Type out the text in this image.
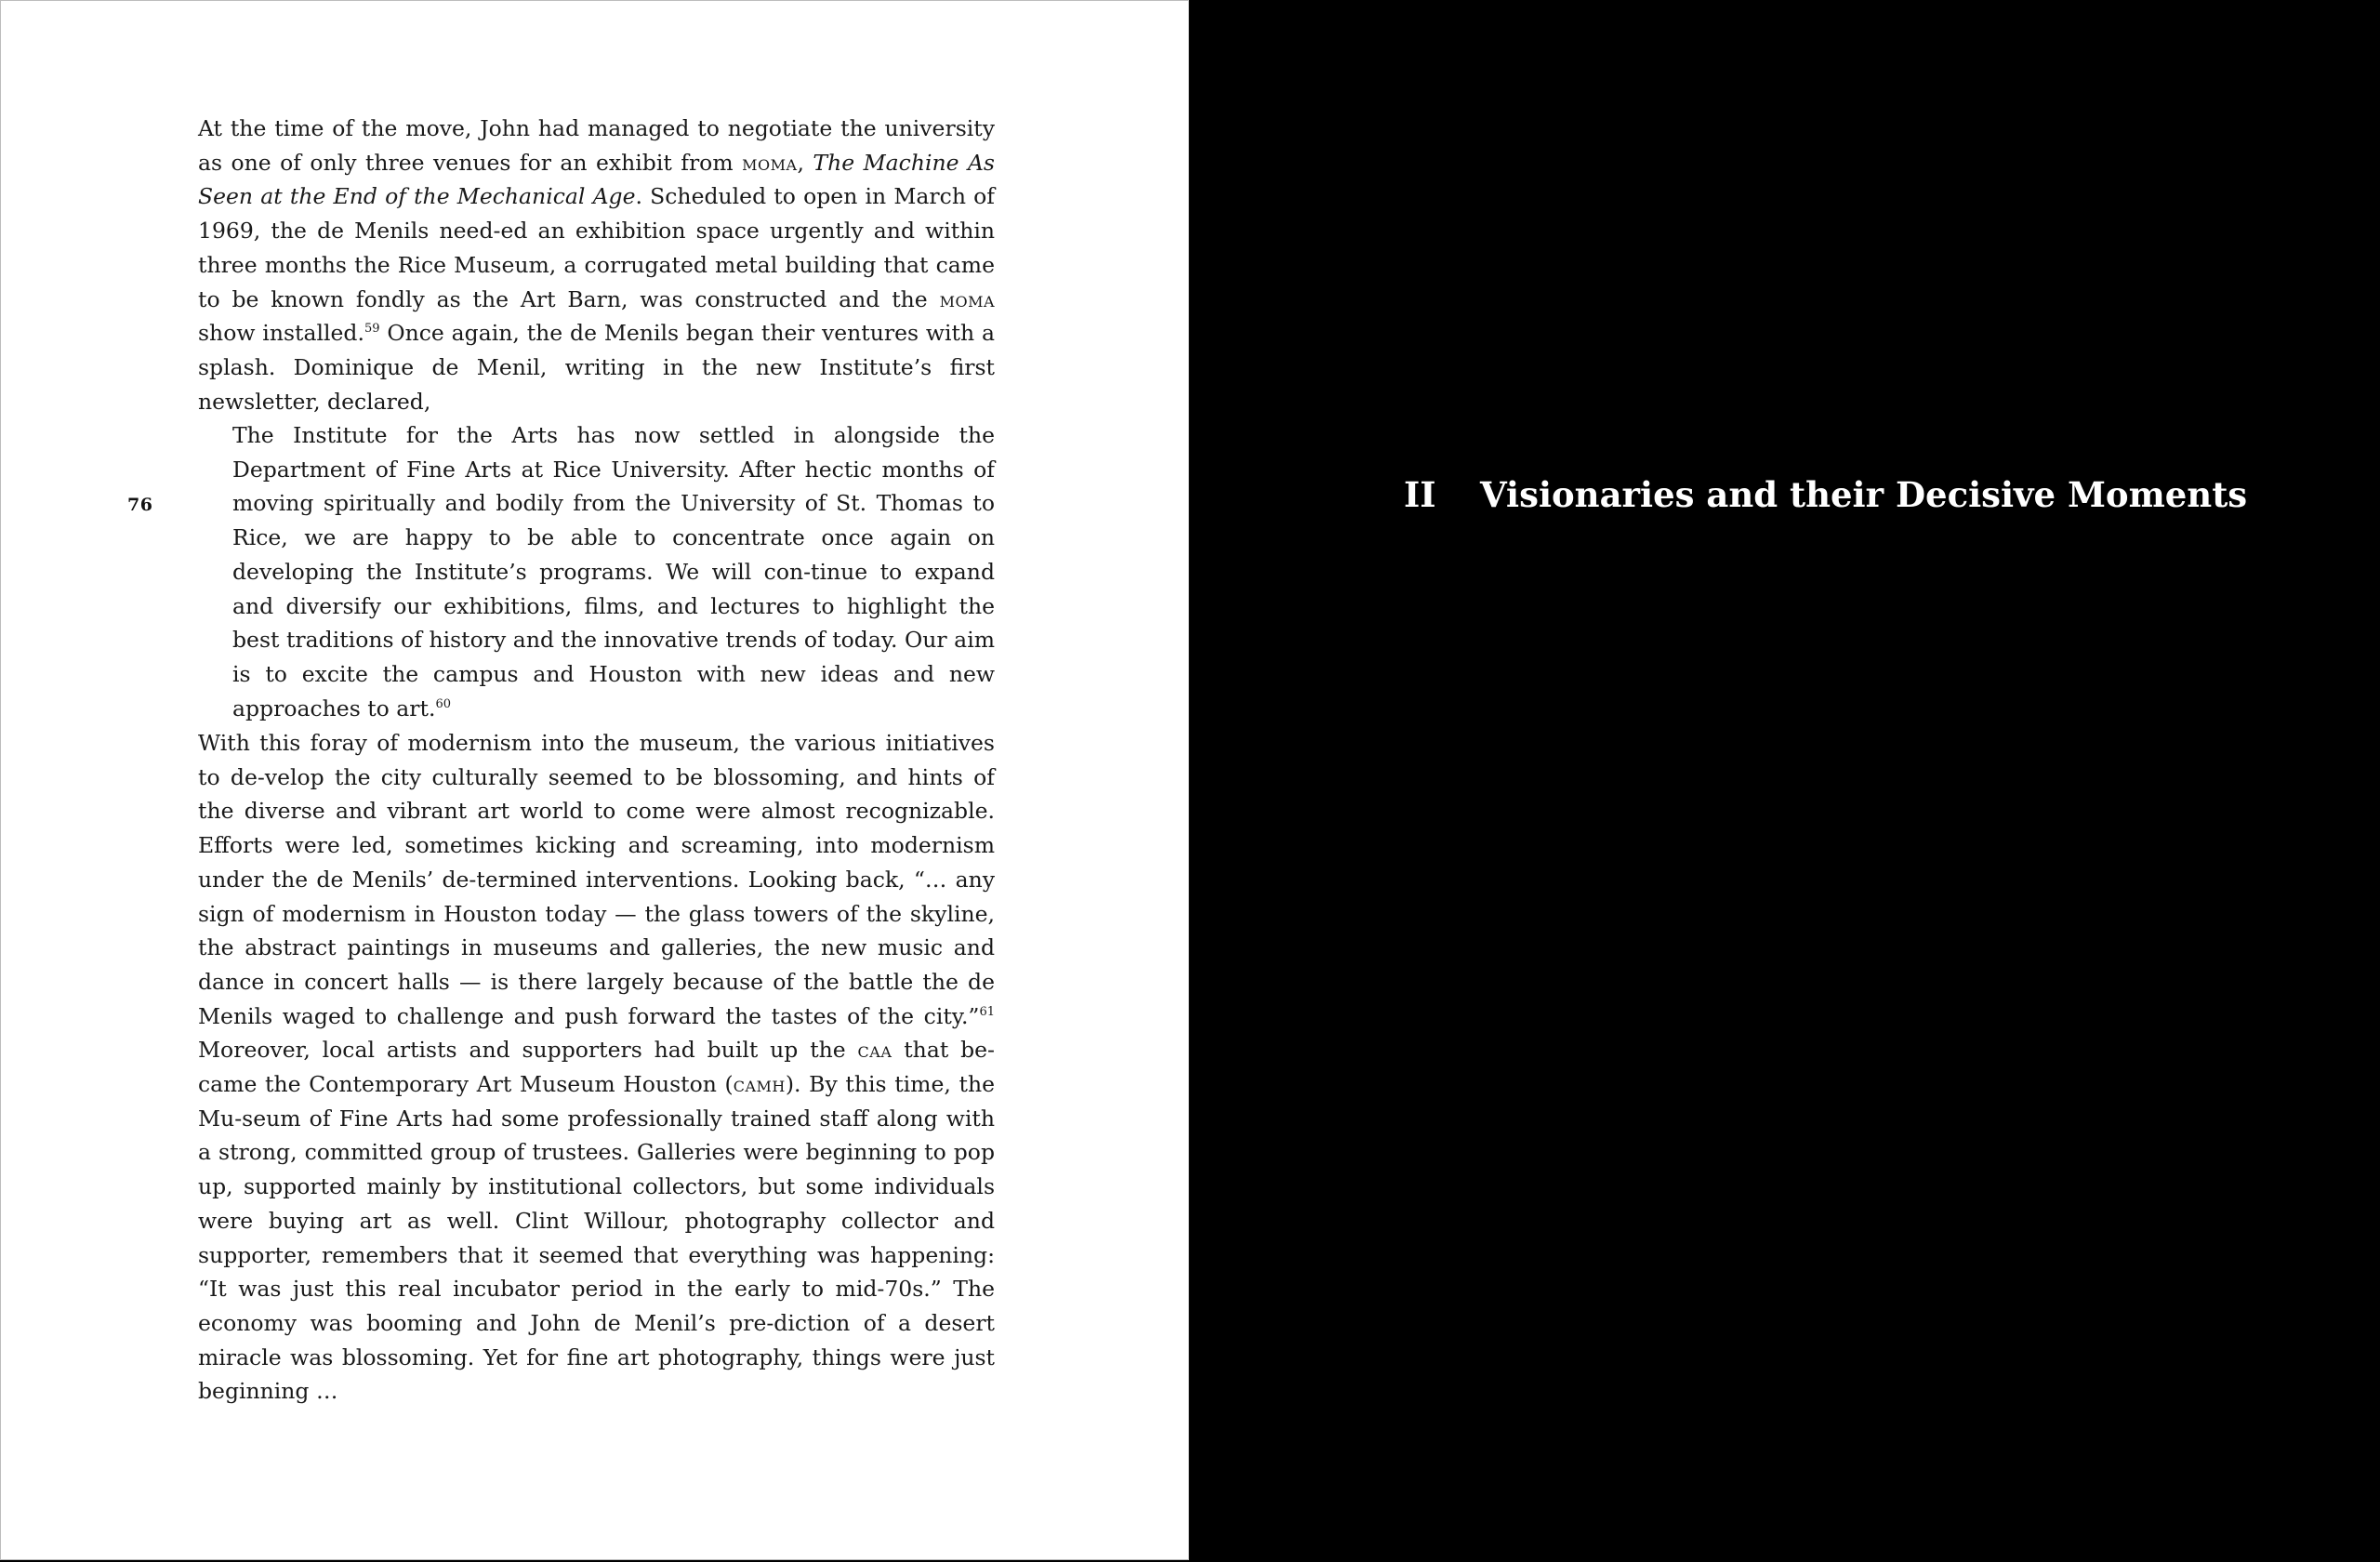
76
At the time of the move, John had managed to negotiate the university as one of only three venues for an exhibit from moma, The Machine As Seen at the End of the Mechanical Age. Scheduled to open in March of 1969, the de Menils need-ed an exhibition space urgently and within three months the Rice Museum, a corrugated metal building that came to be known fondly as the Art Barn, was constructed and the moma show installed.$^{59}$ Once again, the de Menils began their ventures with a splash. Dominique de Menil, writing in the new Institute’s first newsletter, declared,
The Institute for the Arts has now settled in alongside the Department of Fine Arts at Rice University. After hectic months of moving spiritually and bodily from the University of St. Thomas to Rice, we are happy to be able to concentrate once again on developing the Institute’s programs. We will con-tinue to expand and diversify our exhibitions, films, and lectures to highlight the best traditions of history and the innovative trends of today. Our aim is to excite the campus and Houston with new ideas and new approaches to art.$^{60}$
With this foray of modernism into the museum, the various initiatives to de-velop the city culturally seemed to be blossoming, and hints of the diverse and vibrant art world to come were almost recognizable. Efforts were led, sometimes kicking and screaming, into modernism under the de Menils’ de-termined interventions. Looking back, “… any sign of modernism in Houston today — the glass towers of the skyline, the abstract paintings in museums and galleries, the new music and dance in concert halls — is there largely because of the battle the de Menils waged to challenge and push forward the tastes of the city.”$^{61}$ Moreover, local artists and supporters had built up the caa that be-came the Contemporary Art Museum Houston (camh). By this time, the Mu-seum of Fine Arts had some professionally trained staff along with a strong, committed group of trustees. Galleries were beginning to pop up, supported mainly by institutional collectors, but some individuals were buying art as well. Clint Willour, photography collector and supporter, remembers that it seemed that everything was happening: “It was just this real incubator period in the early to mid-70s.” The economy was booming and John de Menil’s pre-diction of a desert miracle was blossoming. Yet for fine art photography, things were just beginning …
II Visionaries and their Decisive Moments
